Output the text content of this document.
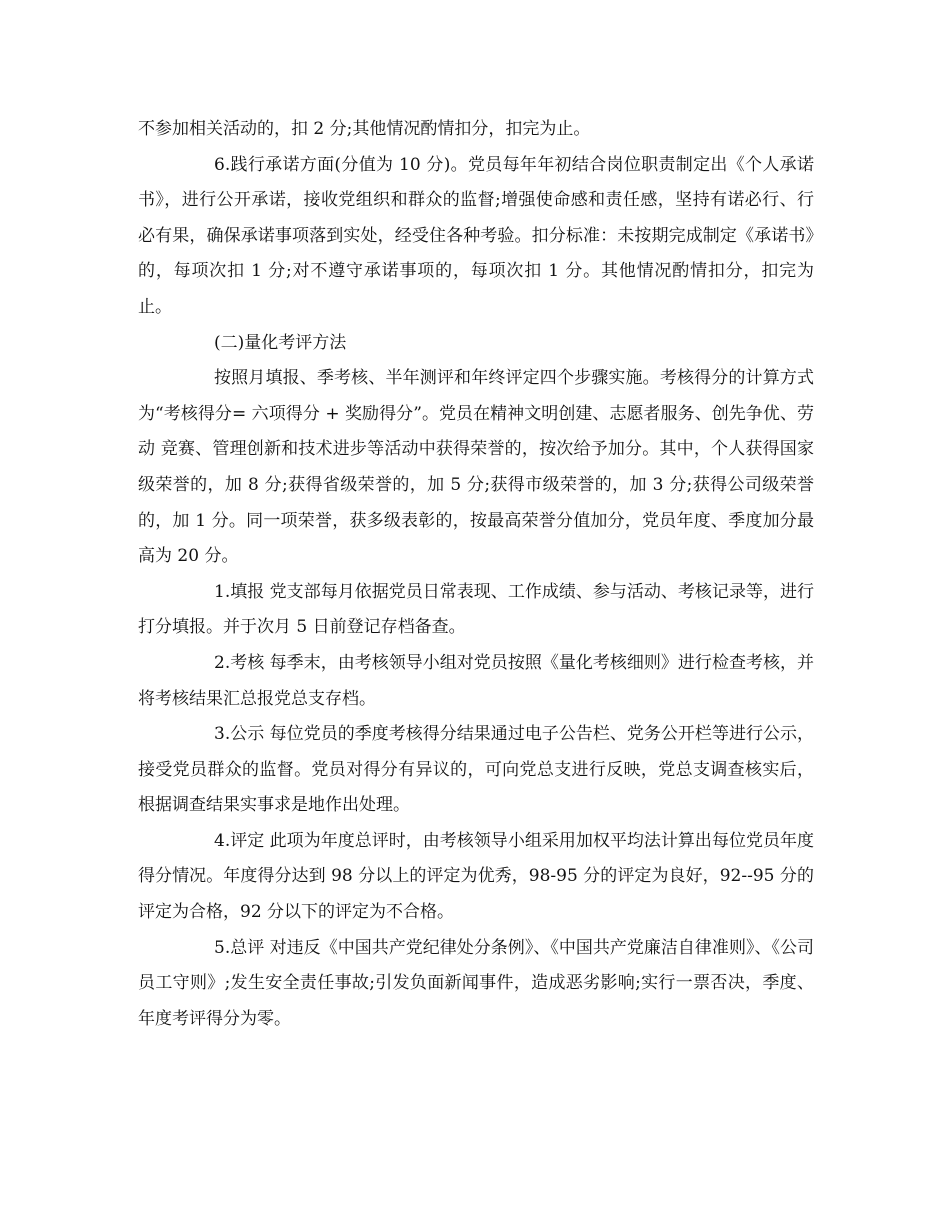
不参加相关活动的，扣 2 分;其他情况酌情扣分，扣完为止。

6.践行承诺方面(分值为 10 分)。党员每年年初结合岗位职责制定出《个人承诺书》，进行公开承诺，接收党组织和群众的监督;增强使命感和责任感，坚持有诺必行、行必有果，确保承诺事项落到实处，经受住各种考验。扣分标准：未按期完成制定《承诺书》的，每项次扣 1 分;对不遵守承诺事项的，每项次扣 1 分。其他情况酌情扣分，扣完为止。

(二)量化考评方法

按照月填报、季考核、半年测评和年终评定四个步骤实施。考核得分的计算方式为“考核得分= 六项得分 + 奖励得分”。党员在精神文明创建、志愿者服务、创先争优、劳动 竞赛、管理创新和技术进步等活动中获得荣誉的，按次给予加分。其中，个人获得国家级荣誉的，加 8 分;获得省级荣誉的，加 5 分;获得市级荣誉的，加 3 分;获得公司级荣誉的，加 1 分。同一项荣誉，获多级表彰的，按最高荣誉分值加分，党员年度、季度加分最高为 20 分。

1.填报 党支部每月依据党员日常表现、工作成绩、参与活动、考核记录等，进行打分填报。并于次月 5 日前登记存档备查。

2.考核 每季末，由考核领导小组对党员按照《量化考核细则》进行检查考核，并将考核结果汇总报党总支存档。

3.公示 每位党员的季度考核得分结果通过电子公告栏、党务公开栏等进行公示，接受党员群众的监督。党员对得分有异议的，可向党总支进行反映，党总支调查核实后，根据调查结果实事求是地作出处理。

4.评定 此项为年度总评时，由考核领导小组采用加权平均法计算出每位党员年度得分情况。年度得分达到 98 分以上的评定为优秀，98-95 分的评定为良好，92--95 分的评定为合格，92 分以下的评定为不合格。

5.总评 对违反《中国共产党纪律处分条例》、《中国共产党廉洁自律准则》、《公司员工守则》;发生安全责任事故;引发负面新闻事件，造成恶劣影响;实行一票否决，季度、年度考评得分为零。
